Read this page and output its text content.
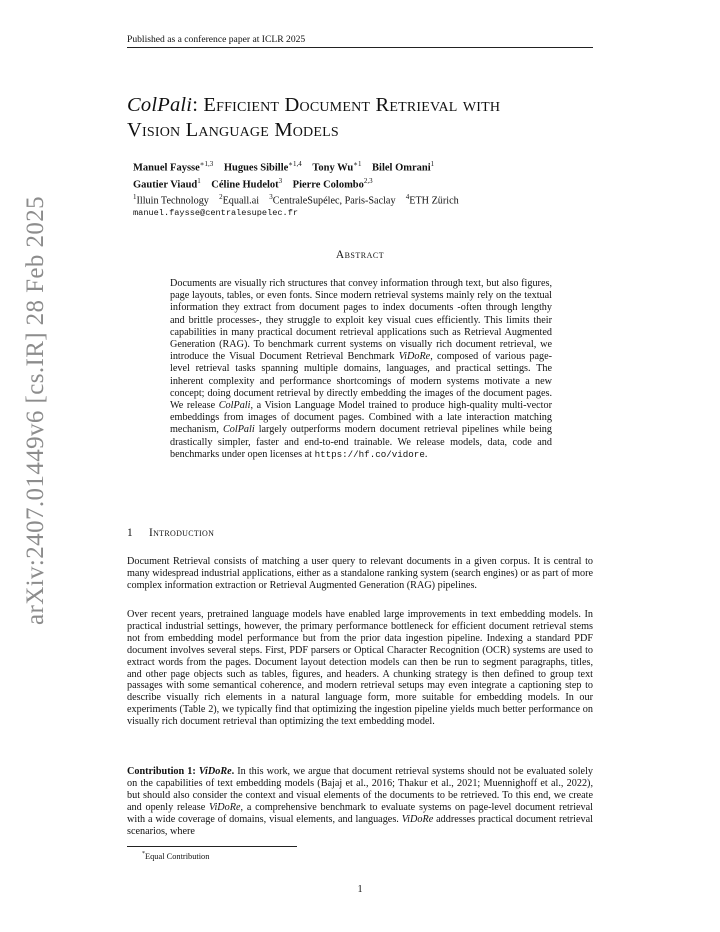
Published as a conference paper at ICLR 2025
arXiv:2407.01449v6 [cs.IR] 28 Feb 2025
ColPali: Efficient Document Retrieval with
Vision Language Models
Manuel Faysse$^{∗1,3}$ Hugues Sibille$^{∗1,4}$ Tony $Wu^{∗1}$ Bilel Omrani$^1$
Gautier Viaud$^1$ Céline Hudelot$^3$ Pierre Colombo$^{2,3}$
$^1$Illuin Technology $^2$Equall.ai $^3$CentraleSupélec, Paris-Saclay $^4$ETH Zürich
manuel.faysse@centralesupelec.fr
Abstract
Documents are visually rich structures that convey information through text, but also figures, page layouts, tables, or even fonts. Since modern retrieval systems mainly rely on the textual information they extract from document pages to index documents -often through lengthy and brittle processes-, they struggle to exploit key visual cues efficiently. This limits their capabilities in many practical document retrieval applications such as Retrieval Augmented Generation (RAG). To benchmark current systems on visually rich document retrieval, we introduce the Visual Document Retrieval Benchmark ViDoRe, composed of various page-level retrieval tasks spanning multiple domains, languages, and practical settings. The inherent complexity and performance shortcomings of modern systems motivate a new concept; doing document retrieval by directly embedding the images of the document pages. We release ColPali, a Vision Language Model trained to produce high-quality multi-vector embeddings from images of document pages. Combined with a late interaction matching mechanism, ColPali largely outperforms modern document retrieval pipelines while being drastically simpler, faster and end-to-end trainable. We release models, data, code and benchmarks under open licenses at https://hf.co/vidore.
1 Introduction
Document Retrieval consists of matching a user query to relevant documents in a given corpus. It is central to many widespread industrial applications, either as a standalone ranking system (search engines) or as part of more complex information extraction or Retrieval Augmented Generation (RAG) pipelines.
Over recent years, pretrained language models have enabled large improvements in text embedding models. In practical industrial settings, however, the primary performance bottleneck for efficient document retrieval stems not from embedding model performance but from the prior data ingestion pipeline. Indexing a standard PDF document involves several steps. First, PDF parsers or Optical Character Recognition (OCR) systems are used to extract words from the pages. Document layout detection models can then be run to segment paragraphs, titles, and other page objects such as tables, figures, and headers. A chunking strategy is then defined to group text passages with some semantical coherence, and modern retrieval setups may even integrate a captioning step to describe visually rich elements in a natural language form, more suitable for embedding models. In our experiments (Table 2), we typically find that optimizing the ingestion pipeline yields much better performance on visually rich document retrieval than optimizing the text embedding model.
Contribution 1: ViDoRe. In this work, we argue that document retrieval systems should not be evaluated solely on the capabilities of text embedding models (Bajaj et al., 2016; Thakur et al., 2021; Muennighoff et al., 2022), but should also consider the context and visual elements of the documents to be retrieved. To this end, we create and openly release ViDoRe, a comprehensive benchmark to evaluate systems on page-level document retrieval with a wide coverage of domains, visual elements, and languages. ViDoRe addresses practical document retrieval scenarios, where
*Equal Contribution
1
